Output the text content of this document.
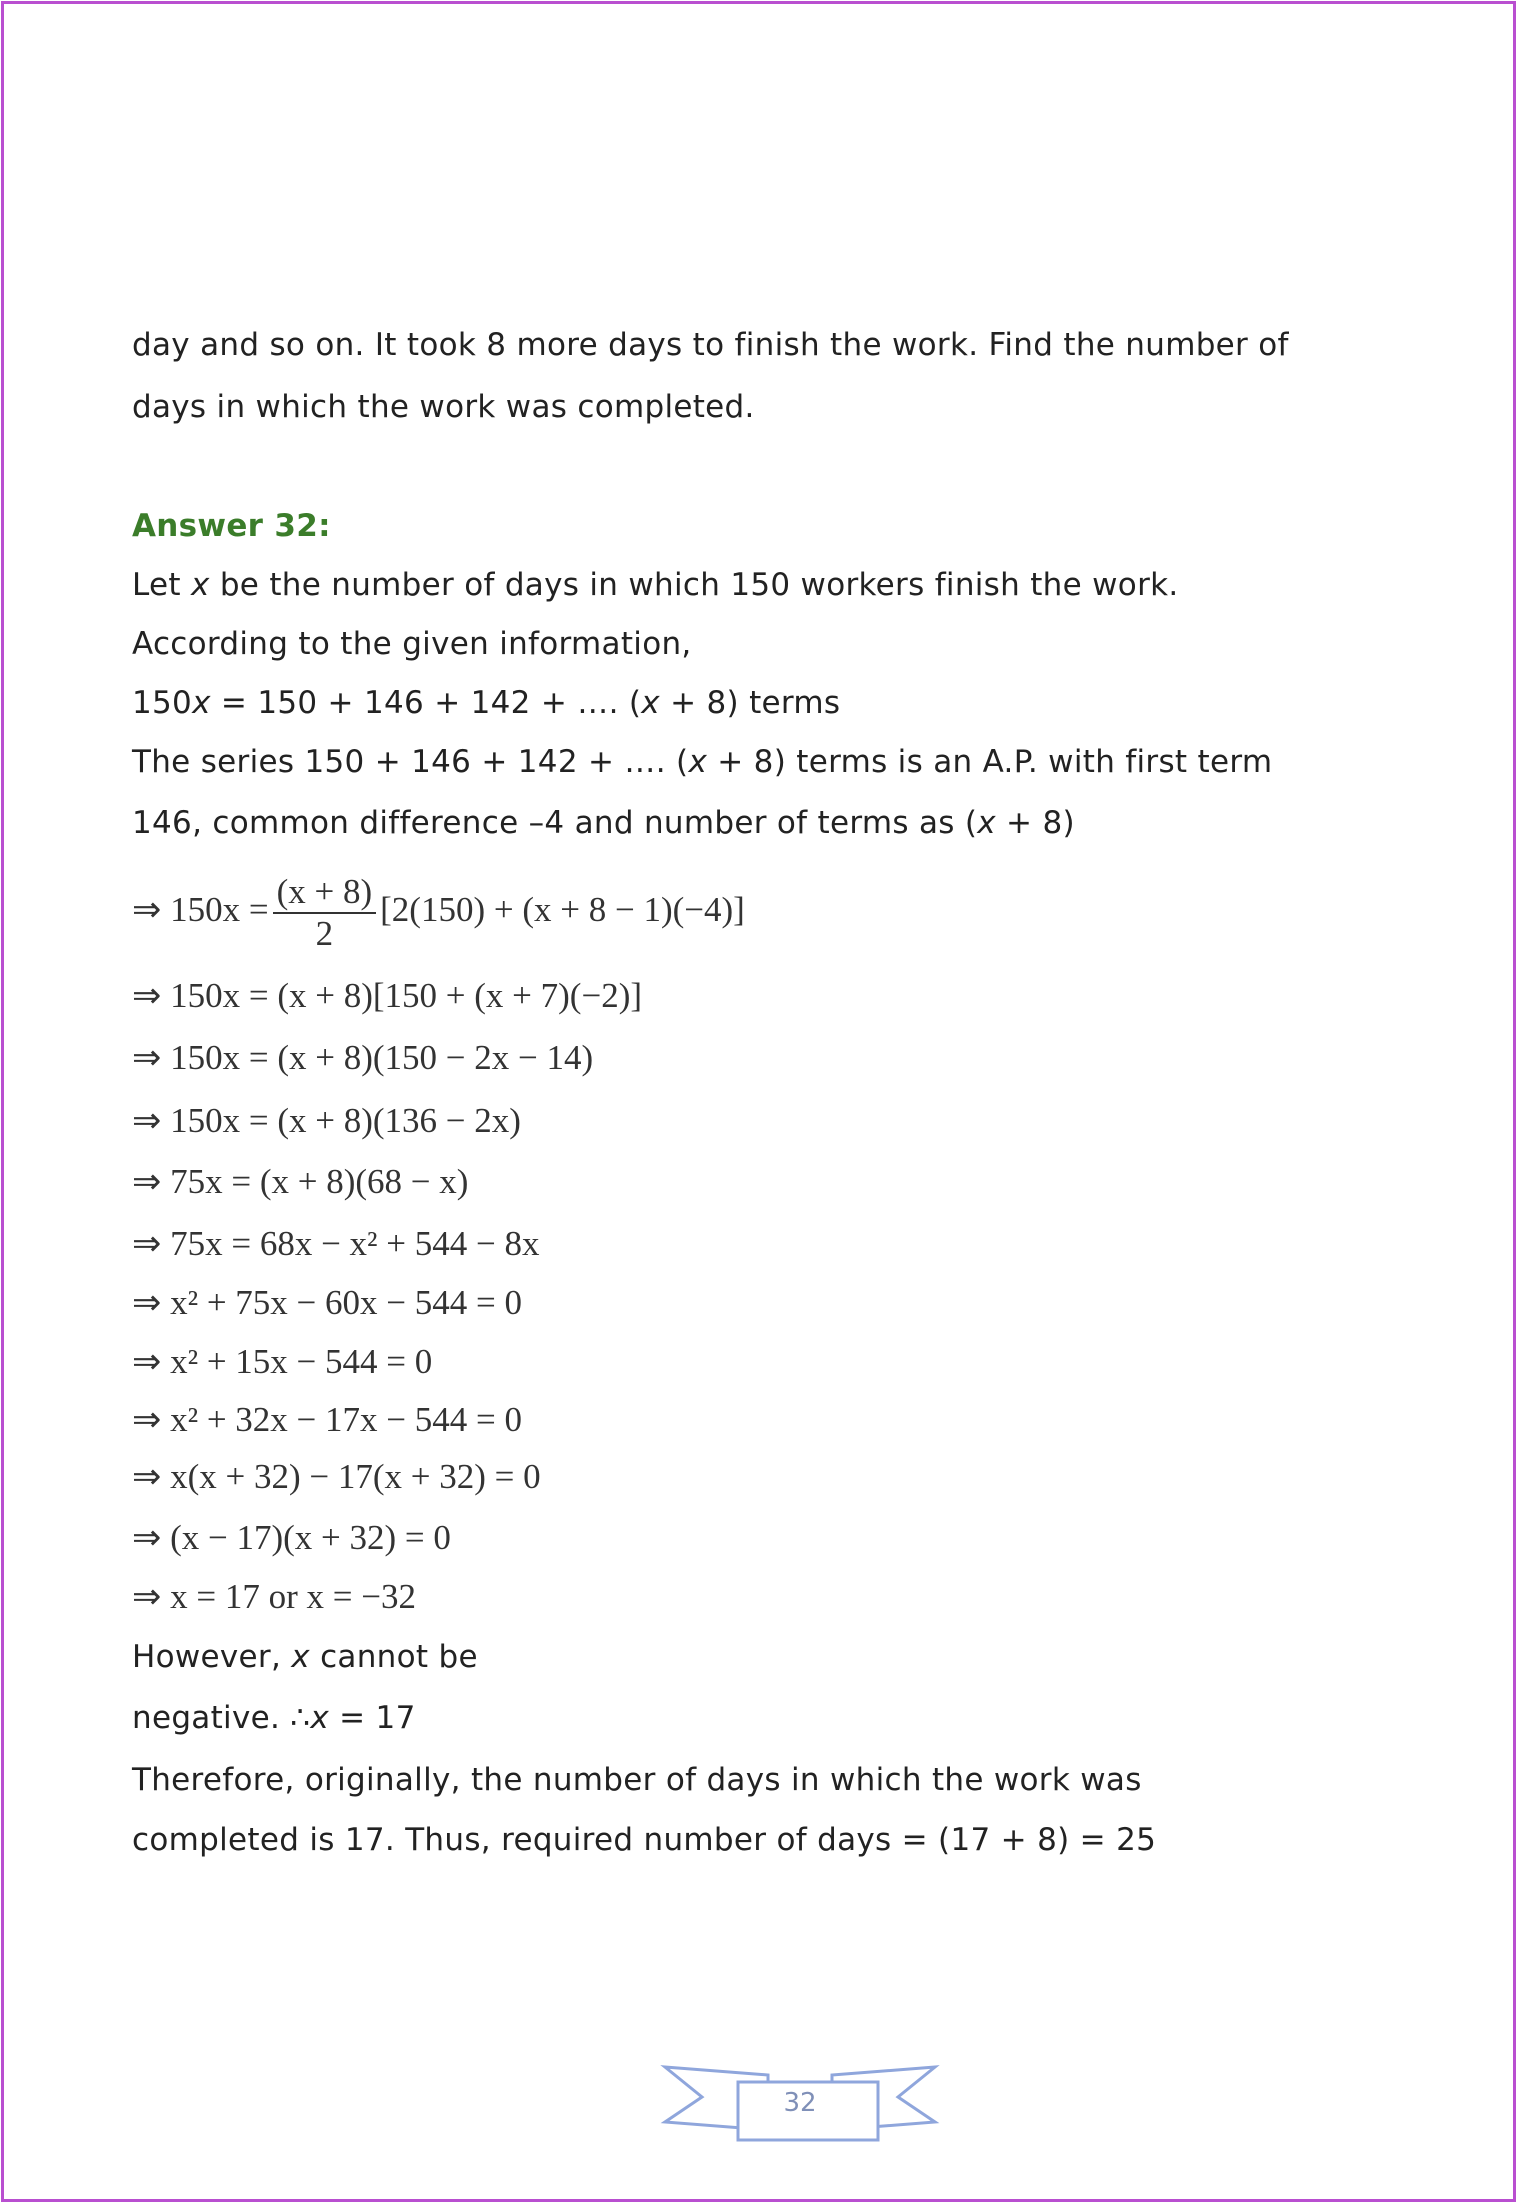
day and so on. It took 8 more days to finish the work. Find the number of
days in which the work was completed.
Answer 32:
Let x be the number of days in which 150 workers finish the work.
According to the given information,
150x = 150 + 146 + 142 + …. (x + 8) terms
The series 150 + 146 + 142 + …. (x + 8) terms is an A.P. with first term
146, common difference –4 and number of terms as (x + 8)
⇒ $150x = \frac{(x + 8)}{2} [2(150) + (x + 8 - 1)(-4)]$
⇒ 150x = (x + 8)[150 + (x + 7)(−2)]
⇒ 150x = (x + 8)(150 − 2x − 14)
⇒ 150x = (x + 8)(136 − 2x)
⇒ 75x = (x + 8)(68 − x)
⇒ 75x = 68x − x² + 544 − 8x
⇒ x² + 75x − 60x − 544 = 0
⇒ x² + 15x − 544 = 0
⇒ x² + 32x − 17x − 544 = 0
⇒ x(x + 32) − 17(x + 32) = 0
⇒ (x − 17)(x + 32) = 0
⇒ x = 17 or x = −32
However, x cannot be
negative. ∴x = 17
Therefore, originally, the number of days in which the work was
completed is 17. Thus, required number of days = (17 + 8) = 25
32
